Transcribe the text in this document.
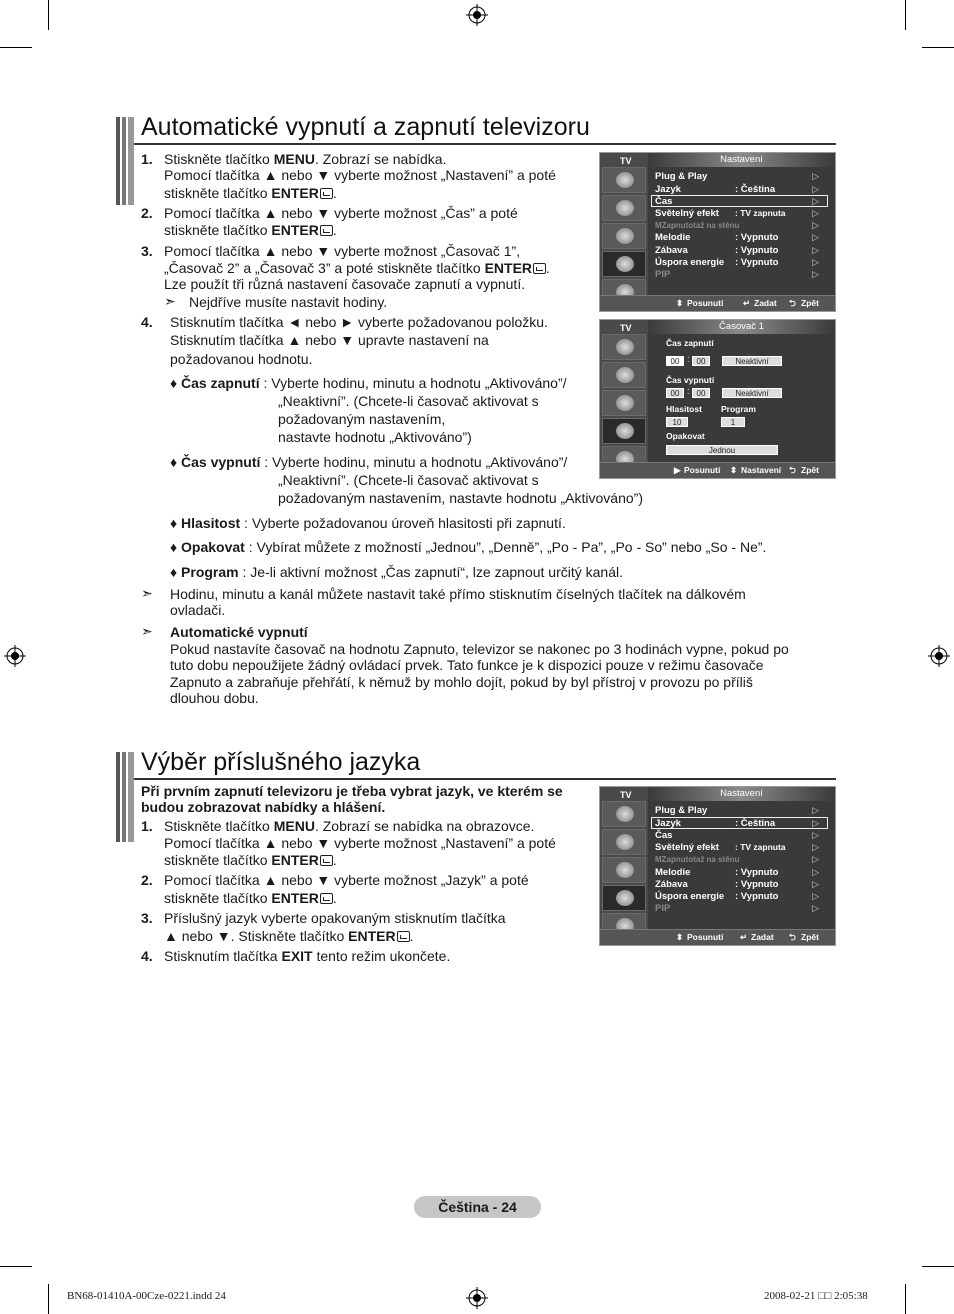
Automatické vypnutí a zapnutí televizoru
1. Stiskněte tlačítko MENU. Zobrazí se nabídka.
Pomocí tlačítka ▲ nebo ▼ vyberte možnost „Nastavení” a poté
stiskněte tlačítko ENTER .
2. Pomocí tlačítka ▲ nebo ▼ vyberte možnost „Čas” a poté
stiskněte tlačítko ENTER .
3. Pomocí tlačítka ▲ nebo ▼ vyberte možnost „Časovač 1”,
„Časovač 2” a „Časovač 3” a poté stiskněte tlačítko ENTER .
Lze použít tři různá nastavení časovače zapnutí a vypnutí.
➣ Nejdříve musíte nastavit hodiny.
4. Stisknutím tlačítka ◄ nebo ► vyberte požadovanou položku.
Stisknutím tlačítka ▲ nebo ▼ upravte nastavení na
požadovanou hodnotu.
♦ Čas zapnutí : Vyberte hodinu, minutu a hodnotu „Aktivováno”/
„Neaktivní”. (Chcete-li časovač aktivovat s
požadovaným nastavením,
nastavte hodnotu „Aktivováno”)
♦ Čas vypnutí : Vyberte hodinu, minutu a hodnotu „Aktivováno”/
„Neaktivní”. (Chcete-li časovač aktivovat s
požadovaným nastavením, nastavte hodnotu „Aktivováno”)
♦ Hlasitost : Vyberte požadovanou úroveň hlasitosti při zapnutí.
♦ Opakovat : Vybírat můžete z možností „Jednou”, „Denně”, „Po - Pa”, „Po - So” nebo „So - Ne”.
♦ Program : Je-li aktivní možnost „Čas zapnutí“, lze zapnout určitý kanál.
➣ Hodinu, minutu a kanál můžete nastavit také přímo stisknutím číselných tlačítek na dálkovém
ovladači.
➣ Automatické vypnutí
Pokud nastavíte časovač na hodnotu Zapnuto, televizor se nakonec po 3 hodinách vypne, pokud po
tuto dobu nepoužijete žádný ovládací prvek. Tato funkce je k dispozici pouze v režimu časovače
Zapnuto a zabraňuje přehřátí, k němuž by mohlo dojít, pokud by byl přístroj v provozu po příliš
dlouhou dobu.
TV	Nastavení
Plug & Play
Jazyk	: Čeština
Čas
Světelný efekt : TV zapnuta
MZapnutotaž na stěnu
Melodie	: Vypnuto
Zábava	: Vypnuto
Úspora energie : Vypnuto
PIP
▷
▷
▷
▷
▷
▷
▷
▷
▷
⬍ Posunutí ↵ Zadat ⮌ Zpět
TV	Časovač 1
Čas zapnutí
00 : 00	Neaktivní
Čas vypnutí
00 : 00	Neaktivní
Hlasitost Program
10	1
Opakovat
Jednou
▶ Posunutí ⬍ Nastavení ⮌ Zpět
Výběr příslušného jazyka
Při prvním zapnutí televizoru je třeba vybrat jazyk, ve kterém se
budou zobrazovat nabídky a hlášení.
1. Stiskněte tlačítko MENU. Zobrazí se nabídka na obrazovce.
Pomocí tlačítka ▲ nebo ▼ vyberte možnost „Nastavení” a poté
stiskněte tlačítko ENTER .
2. Pomocí tlačítka ▲ nebo ▼ vyberte možnost „Jazyk” a poté
stiskněte tlačítko ENTER .
3. Příslušný jazyk vyberte opakovaným stisknutím tlačítka
▲ nebo ▼. Stiskněte tlačítko ENTER .
4. Stisknutím tlačítka EXIT tento režim ukončete.
TV	Nastavení
Plug & Play
Jazyk	: Čeština
Čas
Světelný efekt : TV zapnuta
MZapnutotaž na stěnu
Melodie	: Vypnuto
Zábava	: Vypnuto
Úspora energie : Vypnuto
PIP
▷
▷
▷
▷
▷
▷
▷
▷
▷
⬍ Posunutí ↵ Zadat ⮌ Zpět
Čeština - 24
BN68-01410A-00Cze-0221.indd 24	2008-02-21 □□ 2:05:38
